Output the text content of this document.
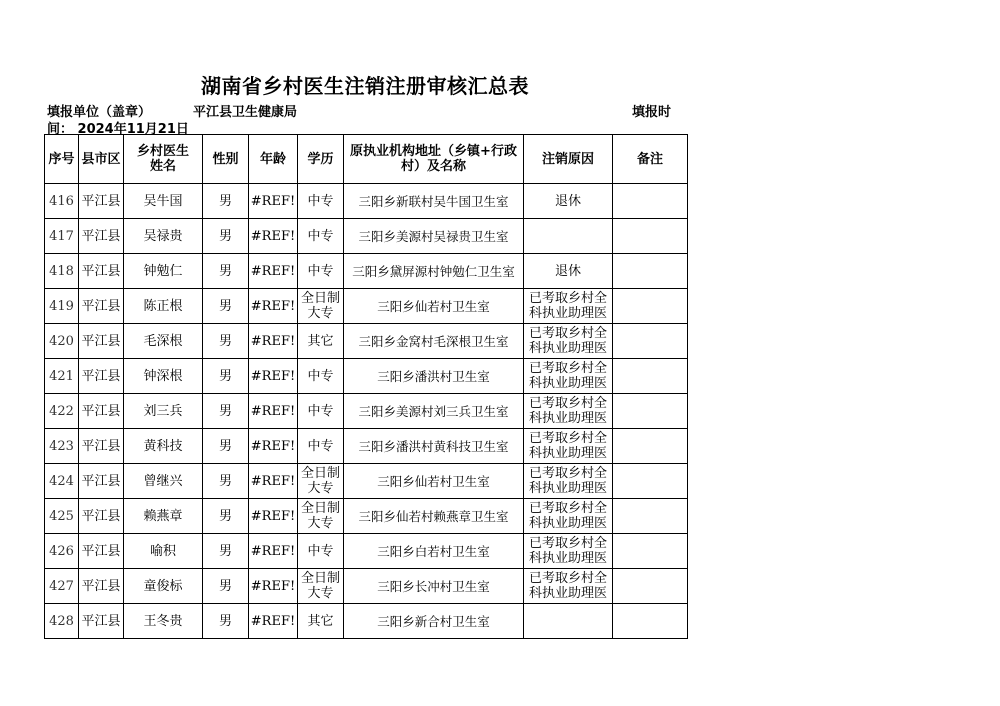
湖南省乡村医生注销注册审核汇总表
填报单位（盖章）	平江县卫生健康局	填报时
间： 2024年11月21日
序号	县市区	乡村医生姓名	性别	年龄	学历	原执业机构地址（乡镇+行政村）及名称	注销原因	备注
416	平江县	吴牛国	男	#REF!	中专	三阳乡新联村吴牛国卫生室	退休	
417	平江县	吴禄贵	男	#REF!	中专	三阳乡美源村吴禄贵卫生室		
418	平江县	钟勉仁	男	#REF!	中专	三阳乡黛屏源村钟勉仁卫生室	退休	
419	平江县	陈正根	男	#REF!	全日制大专	三阳乡仙若村卫生室	已考取乡村全科执业助理医	
420	平江县	毛深根	男	#REF!	其它	三阳乡金窝村毛深根卫生室	已考取乡村全科执业助理医	
421	平江县	钟深根	男	#REF!	中专	三阳乡潘洪村卫生室	已考取乡村全科执业助理医	
422	平江县	刘三兵	男	#REF!	中专	三阳乡美源村刘三兵卫生室	已考取乡村全科执业助理医	
423	平江县	黄科技	男	#REF!	中专	三阳乡潘洪村黄科技卫生室	已考取乡村全科执业助理医	
424	平江县	曾继兴	男	#REF!	全日制大专	三阳乡仙若村卫生室	已考取乡村全科执业助理医	
425	平江县	赖燕章	男	#REF!	全日制大专	三阳乡仙若村赖燕章卫生室	已考取乡村全科执业助理医	
426	平江县	喻积	男	#REF!	中专	三阳乡白若村卫生室	已考取乡村全科执业助理医	
427	平江县	童俊标	男	#REF!	全日制大专	三阳乡长冲村卫生室	已考取乡村全科执业助理医	
428	平江县	王冬贵	男	#REF!	其它	三阳乡新合村卫生室		
